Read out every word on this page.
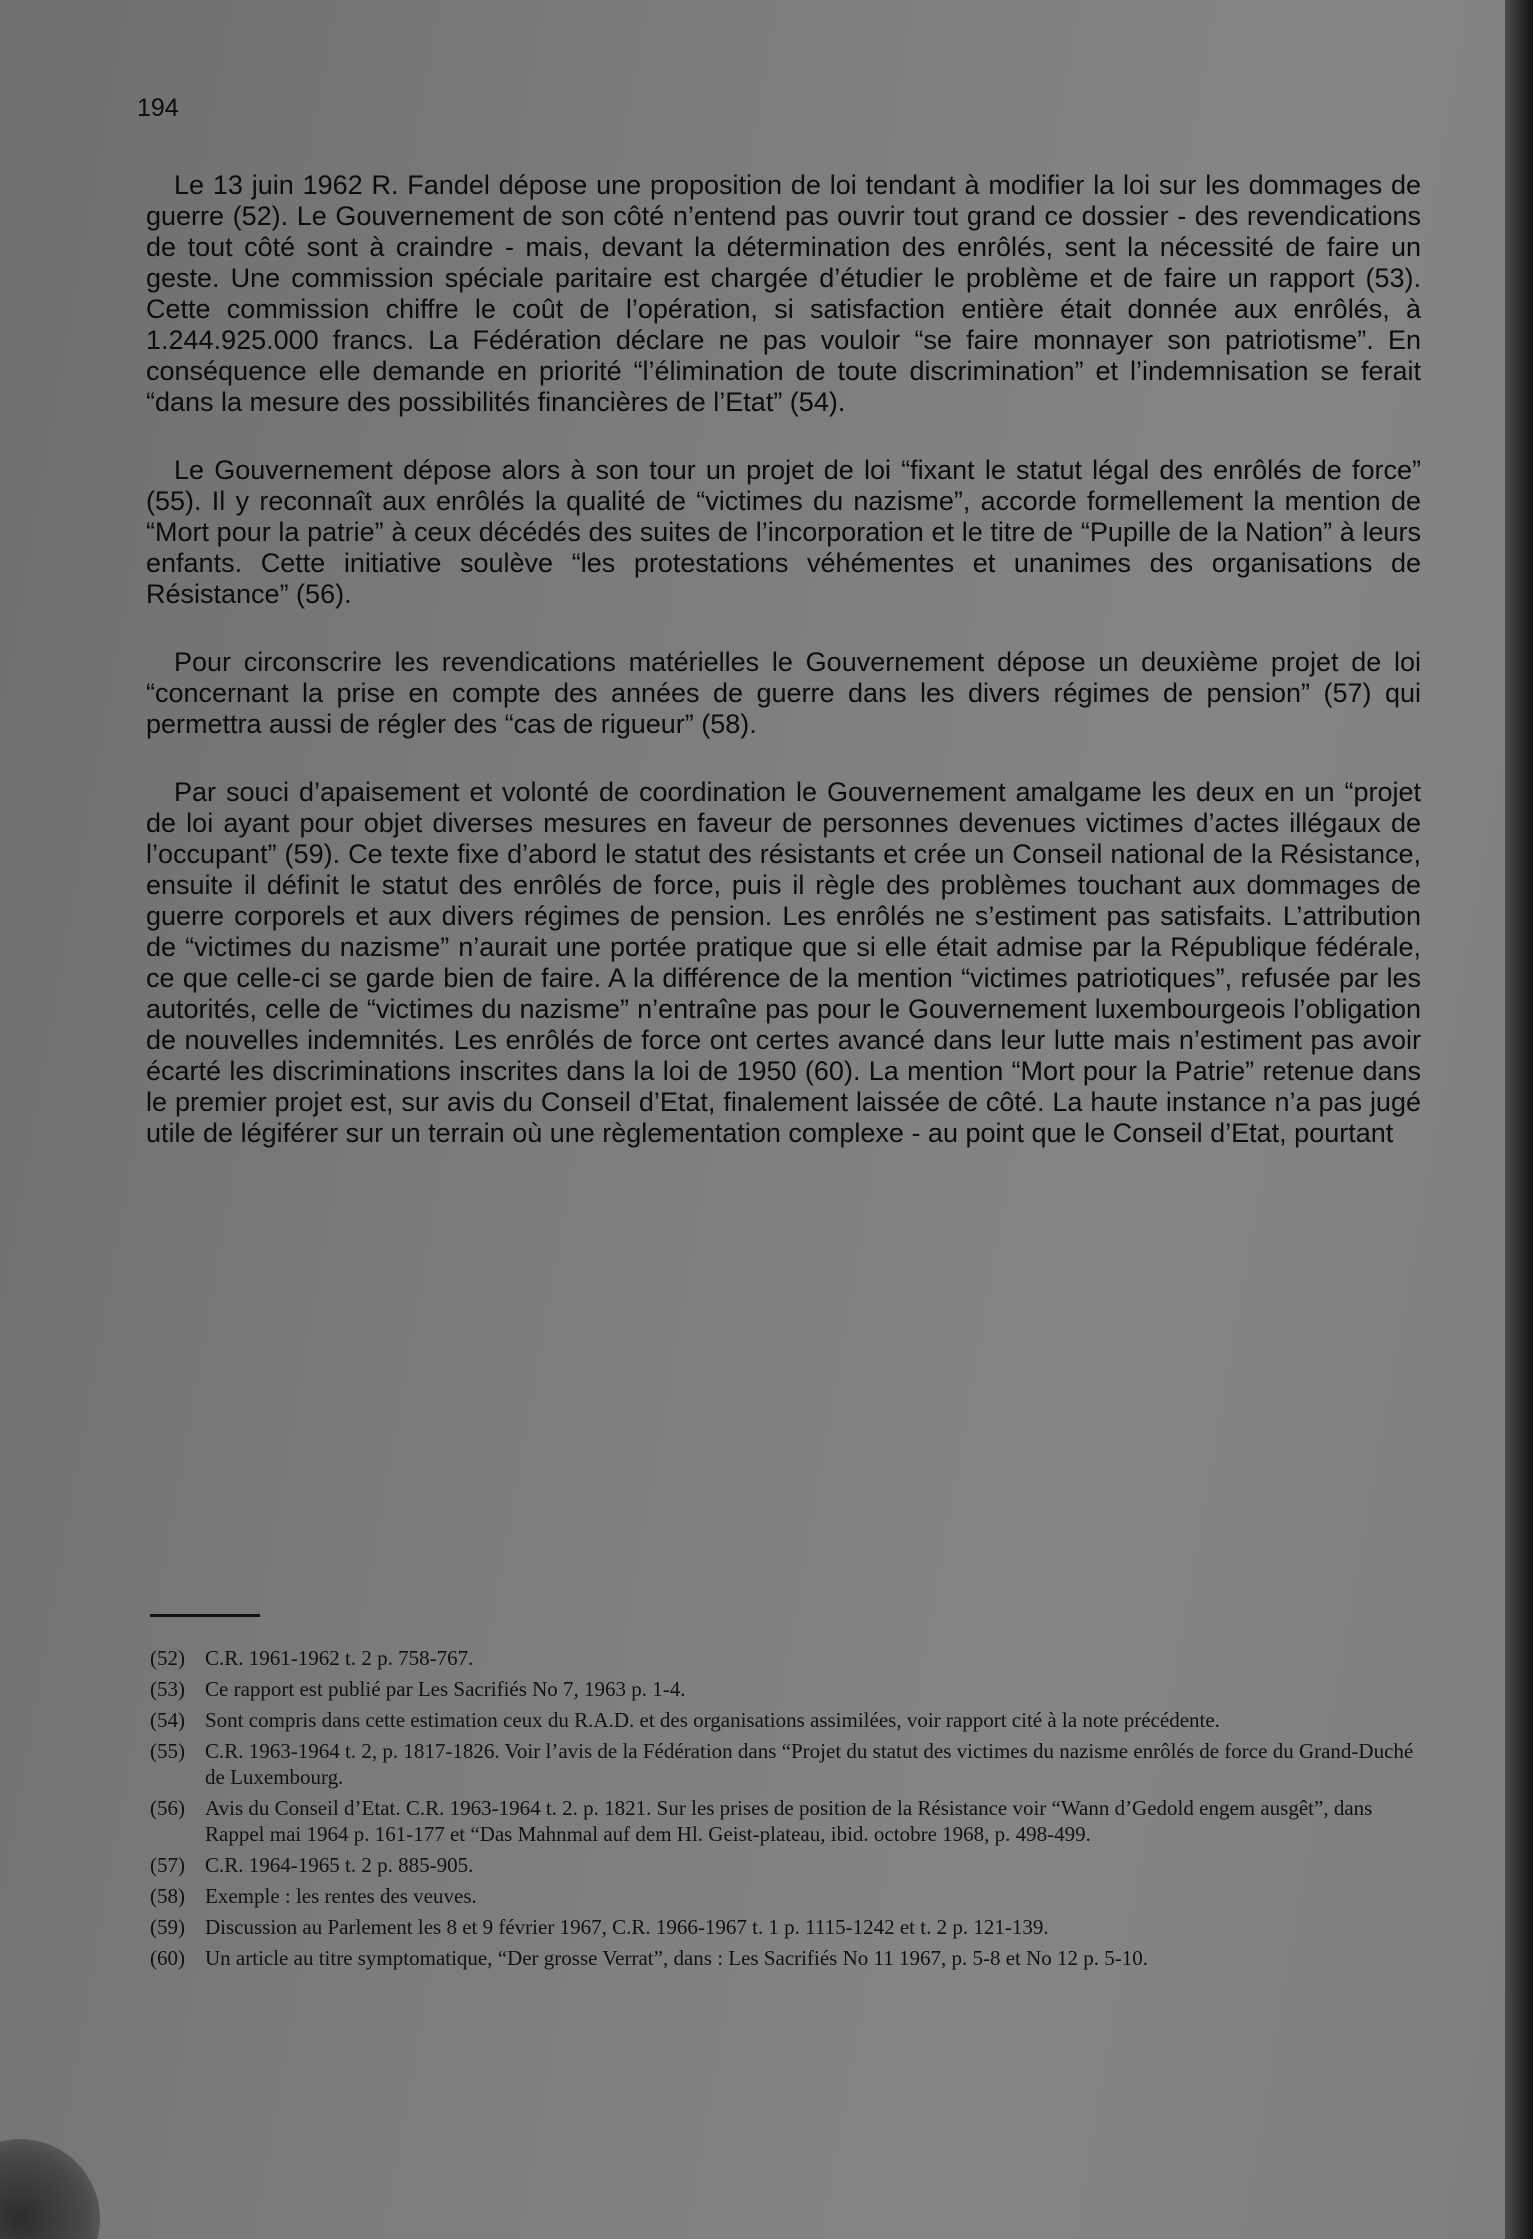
194

Le 13 juin 1962 R. Fandel dépose une proposition de loi tendant à modifier la loi sur les dommages de guerre (52). Le Gouvernement de son côté n’entend pas ouvrir tout grand ce dossier - des revendications de tout côté sont à craindre - mais, devant la détermination des enrôlés, sent la nécessité de faire un geste. Une commission spéciale paritaire est chargée d’étudier le problème et de faire un rapport (53). Cette commission chiffre le coût de l’opération, si satisfaction entière était donnée aux enrôlés, à 1.244.925.000 francs. La Fédération déclare ne pas vouloir “se faire monnayer son patriotisme”. En conséquence elle demande en priorité “l’élimination de toute discrimination” et l’indemnisation se ferait “dans la mesure des possibilités financières de l’Etat” (54).

Le Gouvernement dépose alors à son tour un projet de loi “fixant le statut légal des enrôlés de force” (55). Il y reconnaît aux enrôlés la qualité de “victimes du nazisme”, accorde formellement la mention de “Mort pour la patrie” à ceux décédés des suites de l’incorporation et le titre de “Pupille de la Nation” à leurs enfants. Cette initiative soulève “les protestations véhémentes et unanimes des organisations de Résistance” (56).

Pour circonscrire les revendications matérielles le Gouvernement dépose un deuxième projet de loi “concernant la prise en compte des années de guerre dans les divers régimes de pension” (57) qui permettra aussi de régler des “cas de rigueur” (58).

Par souci d’apaisement et volonté de coordination le Gouvernement amalgame les deux en un “projet de loi ayant pour objet diverses mesures en faveur de personnes devenues victimes d’actes illégaux de l’occupant” (59). Ce texte fixe d’abord le statut des résistants et crée un Conseil national de la Résistance, ensuite il définit le statut des enrôlés de force, puis il règle des problèmes touchant aux dommages de guerre corporels et aux divers régimes de pension. Les enrôlés ne s’estiment pas satisfaits. L’attribution de “victimes du nazisme” n’aurait une portée pratique que si elle était admise par la République fédérale, ce que celle-ci se garde bien de faire. A la différence de la mention “victimes patriotiques”, refusée par les autorités, celle de “victimes du nazisme” n’entraîne pas pour le Gouvernement luxembourgeois l’obligation de nouvelles indemnités. Les enrôlés de force ont certes avancé dans leur lutte mais n’estiment pas avoir écarté les discriminations inscrites dans la loi de 1950 (60). La mention “Mort pour la Patrie” retenue dans le premier projet est, sur avis du Conseil d’Etat, finalement laissée de côté. La haute instance n’a pas jugé utile de légiférer sur un terrain où une règlementation complexe - au point que le Conseil d’Etat, pourtant

(52) C.R. 1961-1962 t. 2 p. 758-767.
(53) Ce rapport est publié par Les Sacrifiés No 7, 1963 p. 1-4.
(54) Sont compris dans cette estimation ceux du R.A.D. et des organisations assimilées, voir rapport cité à la note précédente.
(55) C.R. 1963-1964 t. 2, p. 1817-1826. Voir l’avis de la Fédération dans “Projet du statut des victimes du nazisme enrôlés de force du Grand-Duché de Luxembourg.
(56) Avis du Conseil d’Etat. C.R. 1963-1964 t. 2. p. 1821. Sur les prises de position de la Résistance voir “Wann d’Gedold engem ausgêt”, dans Rappel mai 1964 p. 161-177 et “Das Mahnmal auf dem Hl. Geist-plateau, ibid. octobre 1968, p. 498-499.
(57) C.R. 1964-1965 t. 2 p. 885-905.
(58) Exemple : les rentes des veuves.
(59) Discussion au Parlement les 8 et 9 février 1967, C.R. 1966-1967 t. 1 p. 1115-1242 et t. 2 p. 121-139.
(60) Un article au titre symptomatique, “Der grosse Verrat”, dans : Les Sacrifiés No 11 1967, p. 5-8 et No 12 p. 5-10.
